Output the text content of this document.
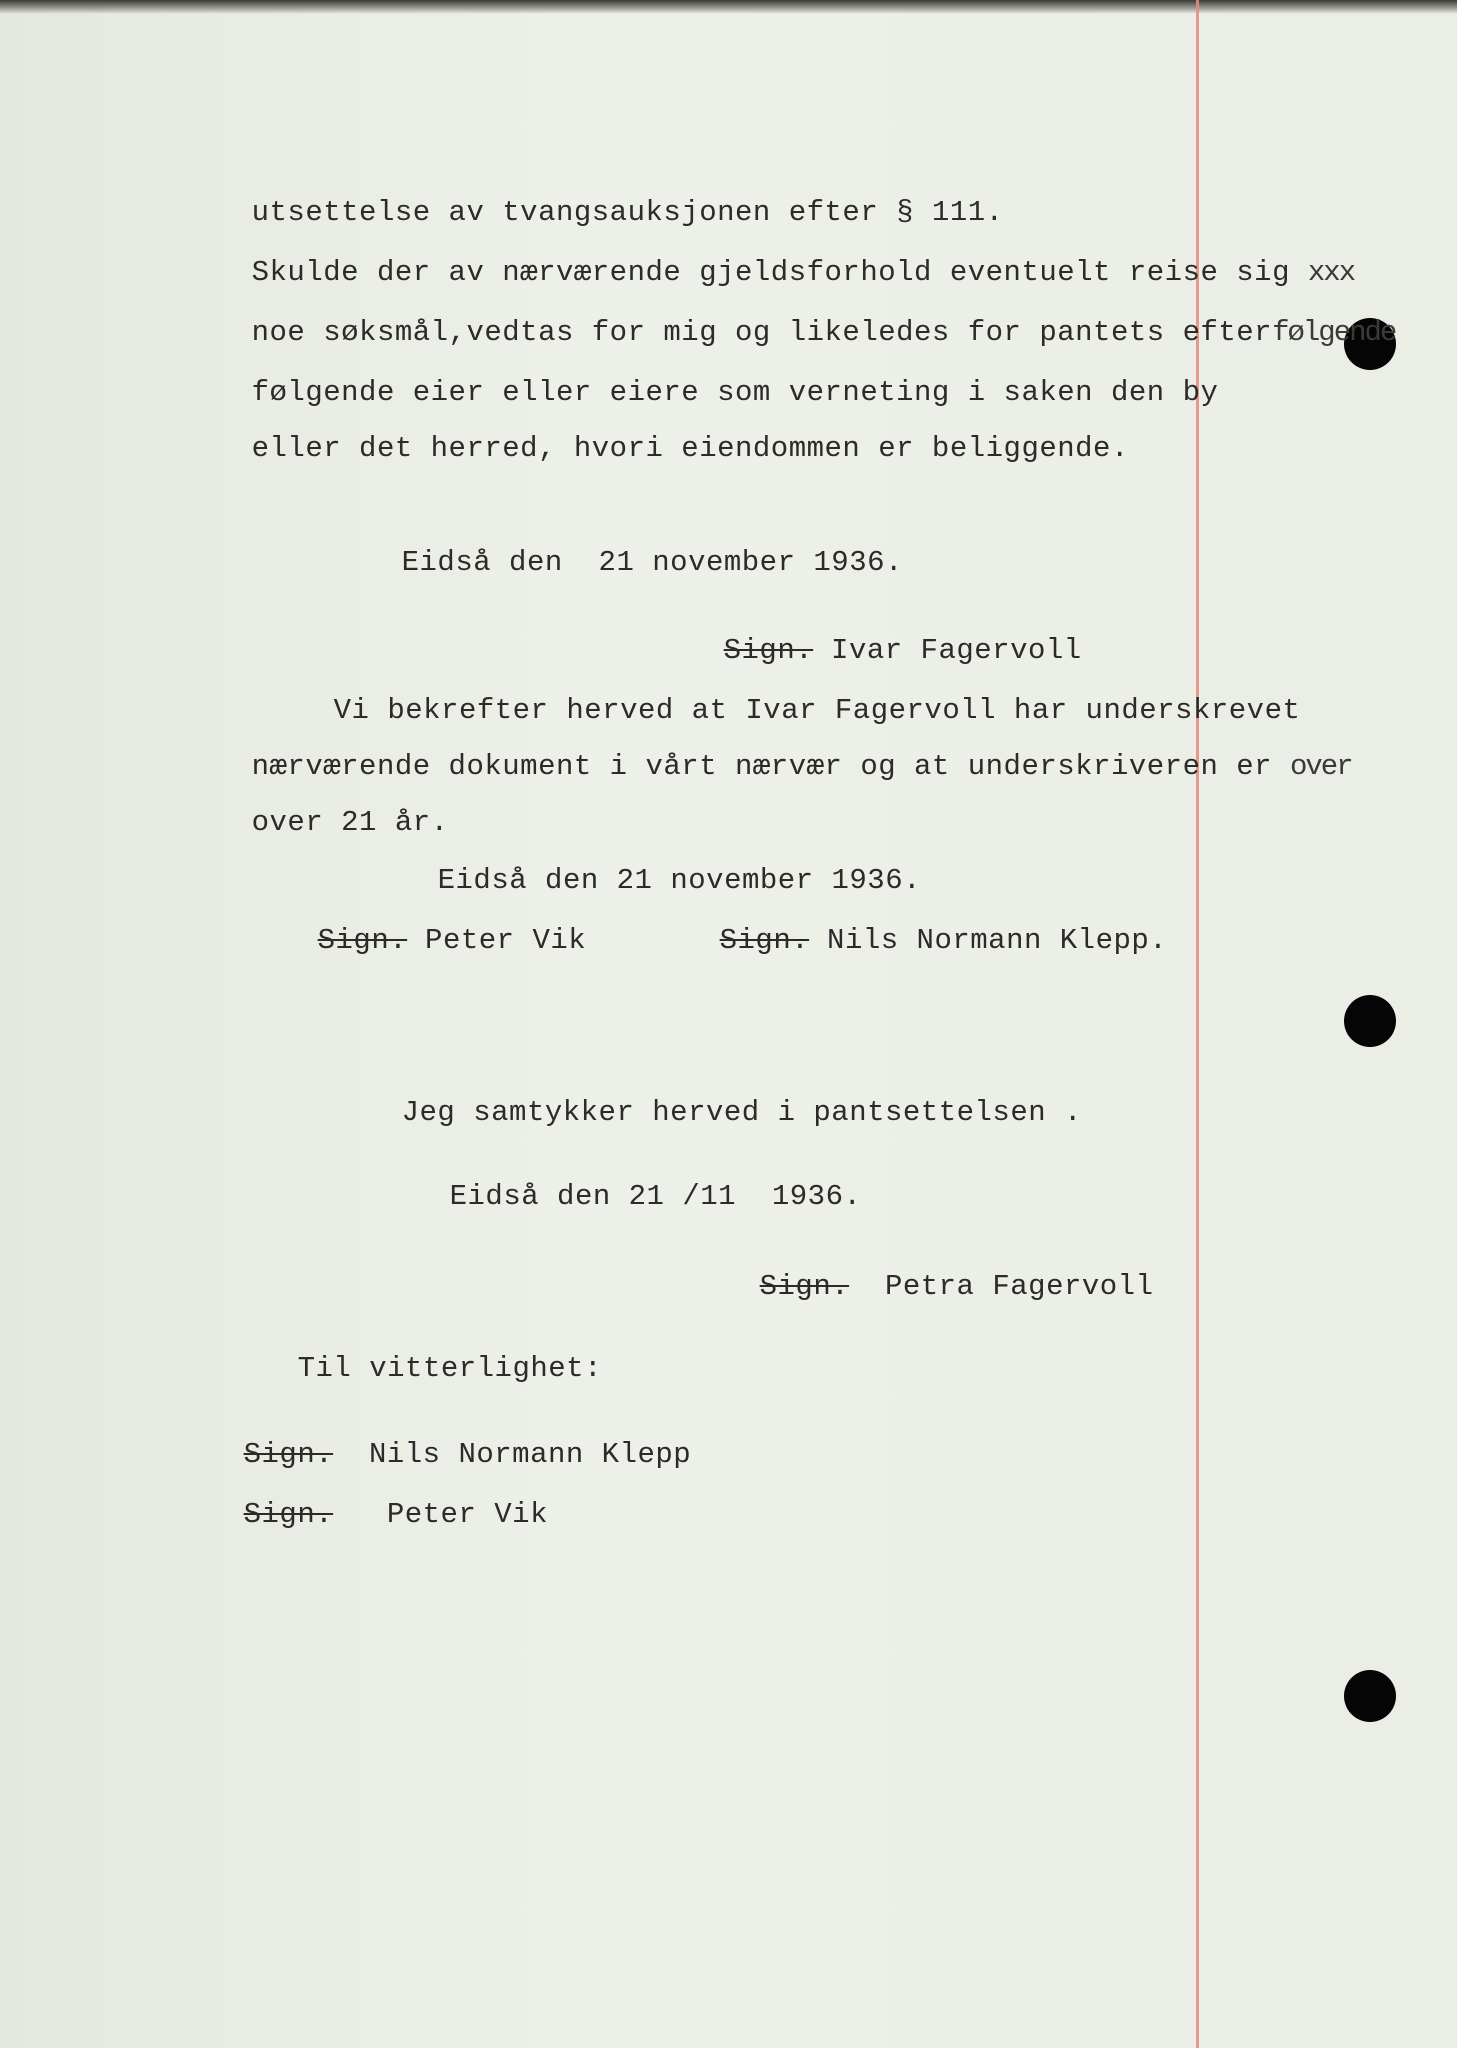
utsettelse av tvangsauksjonen efter § 111.

Skulde der av nærværende gjeldsforhold eventuelt reise sig xxx

noe søksmål,vedtas for mig og likeledes for pantets efterfølgende

følgende eier eller eiere som verneting i saken den by

eller det herred, hvori eiendommen er beliggende.

Eidså den  21 november 1936.

Sign. Ivar Fagervoll

Vi bekrefter herved at Ivar Fagervoll har underskrevet

nærværende dokument i vårt nærvær og at underskriveren er over

over 21 år.

Eidså den 21 november 1936.

Sign. Peter Vik
	Sign. Nils Normann Klepp.

Jeg samtykker herved i pantsettelsen .

Eidså den 21 /11  1936.

Sign.  Petra Fagervoll

Til vitterlighet:

Sign.  Nils Normann Klepp

Sign.   Peter Vik
